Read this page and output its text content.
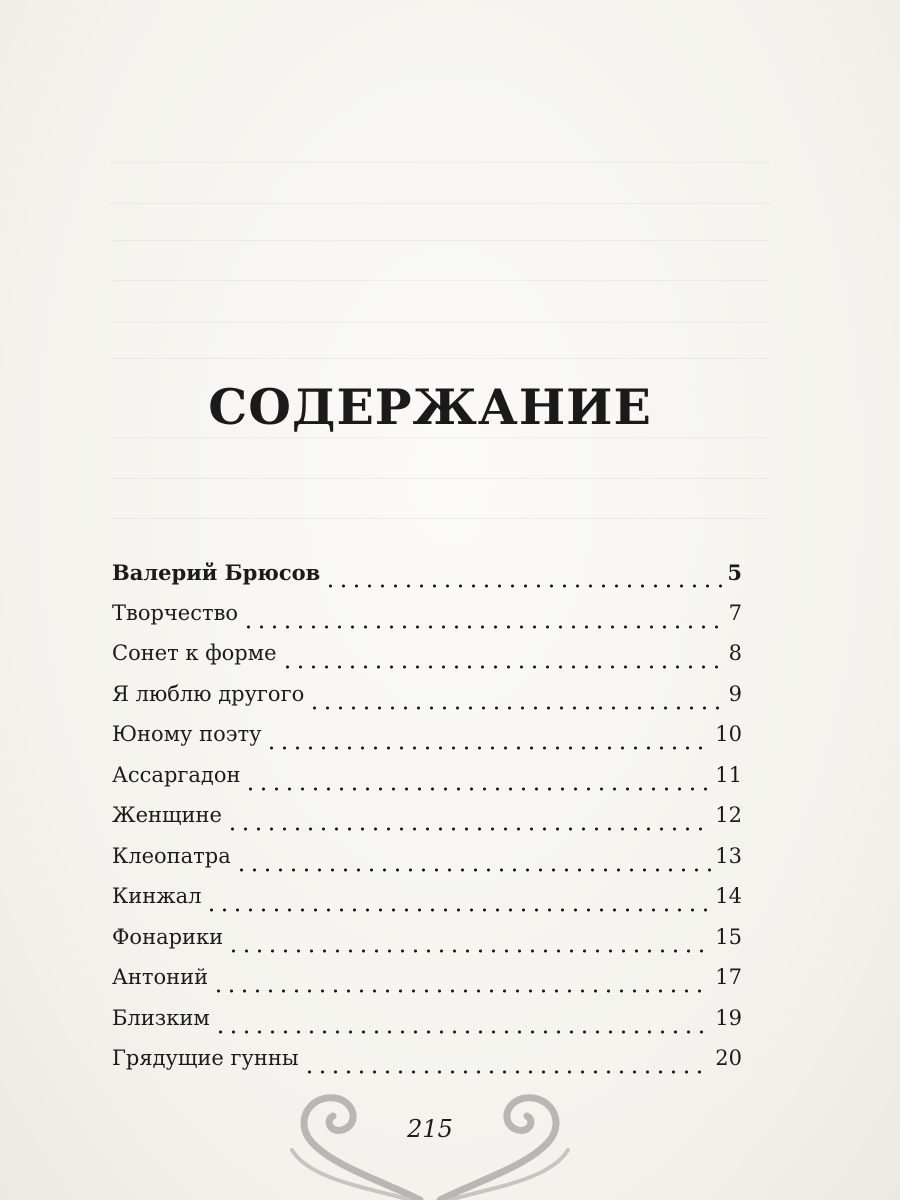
СОДЕРЖАНИЕ
Валерий Брюсов	5
Творчество	7
Сонет к форме	8
Я люблю другого	9
Юному поэту	10
Ассаргадон	11
Женщине	12
Клеопатра	13
Кинжал	14
Фонарики	15
Антоний	17
Близким	19
Грядущие гунны	20
215
